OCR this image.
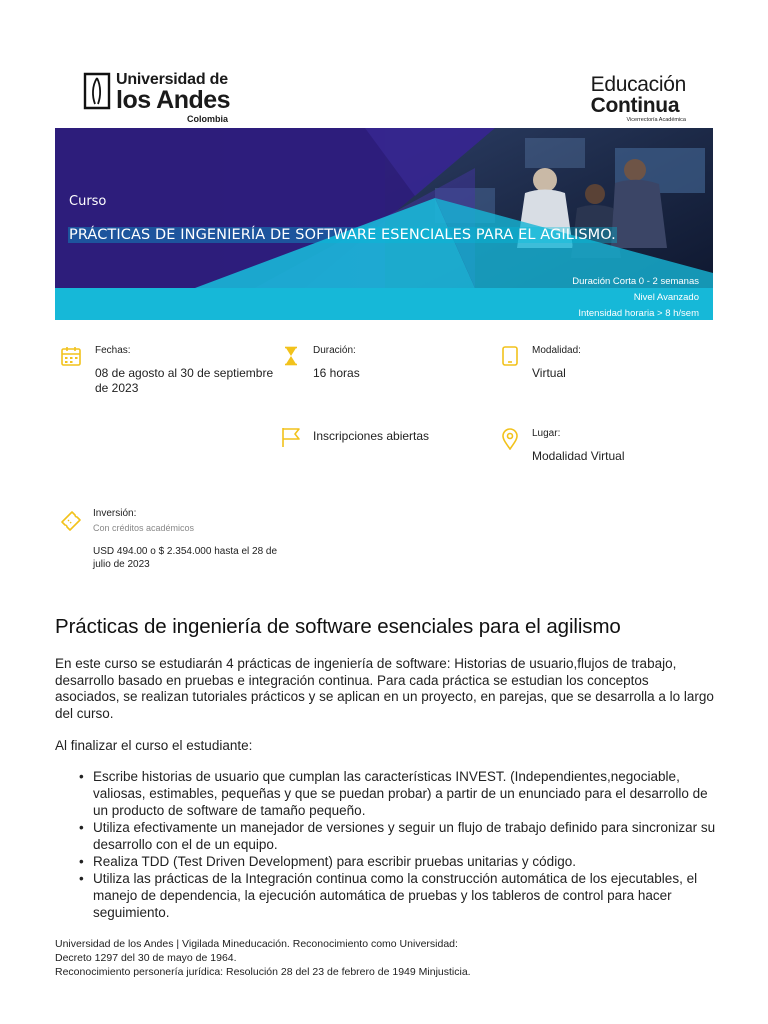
Universidad de
los Andes
Colombia
Educación
Continua
Vicerrectoría Académica
Curso
PRÁCTICAS DE INGENIERÍA DE SOFTWARE ESENCIALES PARA EL AGILISMO.
Duración Corta 0 - 2 semanas
Nivel Avanzado
Intensidad horaria > 8 h/sem
Fechas:
08 de agosto al 30 de septiembre de 2023
Duración:
16 horas
Modalidad:
Virtual
Inscripciones abiertas	Lugar:
Modalidad Virtual
Inversión:
Con créditos académicos
USD 494.00 o $ 2.354.000 hasta el 28 de julio de 2023
Prácticas de ingeniería de software esenciales para el agilismo
En este curso se estudiarán 4 prácticas de ingeniería de software: Historias de usuario,flujos de trabajo, desarrollo basado en pruebas e integración continua. Para cada práctica se estudian los conceptos asociados, se realizan tutoriales prácticos y se aplican en un proyecto, en parejas, que se desarrolla a lo largo del curso.
Al finalizar el curso el estudiante:
• Escribe historias de usuario que cumplan las características INVEST. (Independientes,negociable, valiosas, estimables, pequeñas y que se puedan probar) a partir de un enunciado para el desarrollo de un producto de software de tamaño pequeño.
• Utiliza efectivamente un manejador de versiones y seguir un flujo de trabajo definido para sincronizar su desarrollo con el de un equipo.
• Realiza TDD (Test Driven Development) para escribir pruebas unitarias y código.
• Utiliza las prácticas de la Integración continua como la construcción automática de los ejecutables, el manejo de dependencia, la ejecución automática de pruebas y los tableros de control para hacer seguimiento.
Universidad de los Andes | Vigilada Mineducación. Reconocimiento como Universidad:
Decreto 1297 del 30 de mayo de 1964.
Reconocimiento personería jurídica: Resolución 28 del 23 de febrero de 1949 Minjusticia.
